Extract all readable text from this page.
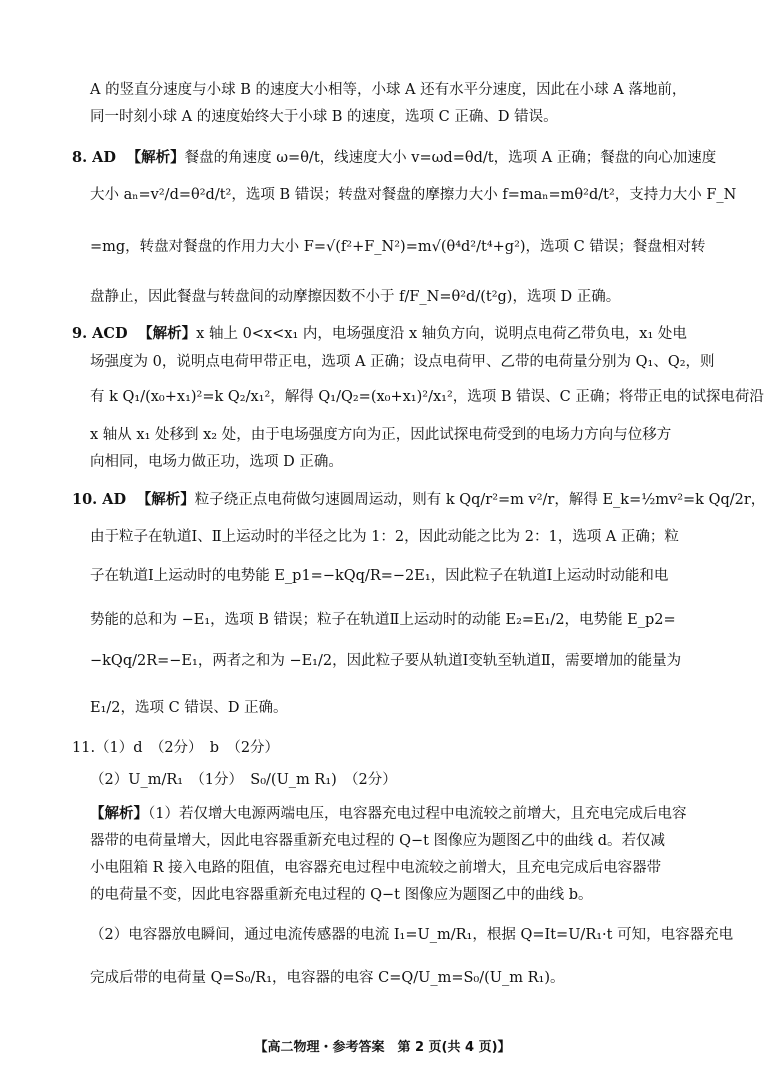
A 的竖直分速度与小球 B 的速度大小相等，小球 A 还有水平分速度，因此在小球 A 落地前，
同一时刻小球 A 的速度始终大于小球 B 的速度，选项 C 正确、D 错误。
8. AD 【解析】餐盘的角速度 ω=θ/t，线速度大小 v=ωd=θd/t，选项 A 正确；餐盘的向心加速度
大小 aₙ=v²/d=θ²d/t²，选项 B 错误；转盘对餐盘的摩擦力大小 f=maₙ=mθ²d/t²，支持力大小 F_N
=mg，转盘对餐盘的作用力大小 F=√(f²+F_N²)=m√(θ⁴d²/t⁴+g²)，选项 C 错误；餐盘相对转
盘静止，因此餐盘与转盘间的动摩擦因数不小于 f/F_N=θ²d/(t²g)，选项 D 正确。
9. ACD 【解析】x 轴上 0<x<x₁ 内，电场强度沿 x 轴负方向，说明点电荷乙带负电，x₁ 处电
场强度为 0，说明点电荷甲带正电，选项 A 正确；设点电荷甲、乙带的电荷量分别为 Q₁、Q₂，则
有 k Q₁/(x₀+x₁)²=k Q₂/x₁²，解得 Q₁/Q₂=(x₀+x₁)²/x₁²，选项 B 错误、C 正确；将带正电的试探电荷沿
x 轴从 x₁ 处移到 x₂ 处，由于电场强度方向为正，因此试探电荷受到的电场力方向与位移方
向相同，电场力做正功，选项 D 正确。
10. AD 【解析】粒子绕正点电荷做匀速圆周运动，则有 k Qq/r²=m v²/r，解得 E_k=½mv²=k Qq/2r，
由于粒子在轨道Ⅰ、Ⅱ上运动时的半径之比为 1：2，因此动能之比为 2：1，选项 A 正确；粒
子在轨道Ⅰ上运动时的电势能 E_p1=−kQq/R=−2E₁，因此粒子在轨道Ⅰ上运动时动能和电
势能的总和为 −E₁，选项 B 错误；粒子在轨道Ⅱ上运动时的动能 E₂=E₁/2，电势能 E_p2=
−kQq/2R=−E₁，两者之和为 −E₁/2，因此粒子要从轨道Ⅰ变轨至轨道Ⅱ，需要增加的能量为
E₁/2，选项 C 错误、D 正确。
11.（1）d　（2分）　b　（2分）
（2）U_m/R₁　（1分）　S₀/(U_m R₁)　（2分）
【解析】（1）若仅增大电源两端电压，电容器充电过程中电流较之前增大，且充电完成后电容
器带的电荷量增大，因此电容器重新充电过程的 Q−t 图像应为题图乙中的曲线 d。若仅减
小电阻箱 R 接入电路的阻值，电容器充电过程中电流较之前增大，且充电完成后电容器带
的电荷量不变，因此电容器重新充电过程的 Q−t 图像应为题图乙中的曲线 b。
（2）电容器放电瞬间，通过电流传感器的电流 I₁=U_m/R₁，根据 Q=It=U/R₁·t 可知，电容器充电
完成后带的电荷量 Q=S₀/R₁，电容器的电容 C=Q/U_m=S₀/(U_m R₁)。
【高二物理・参考答案　第 2 页(共 4 页)】
